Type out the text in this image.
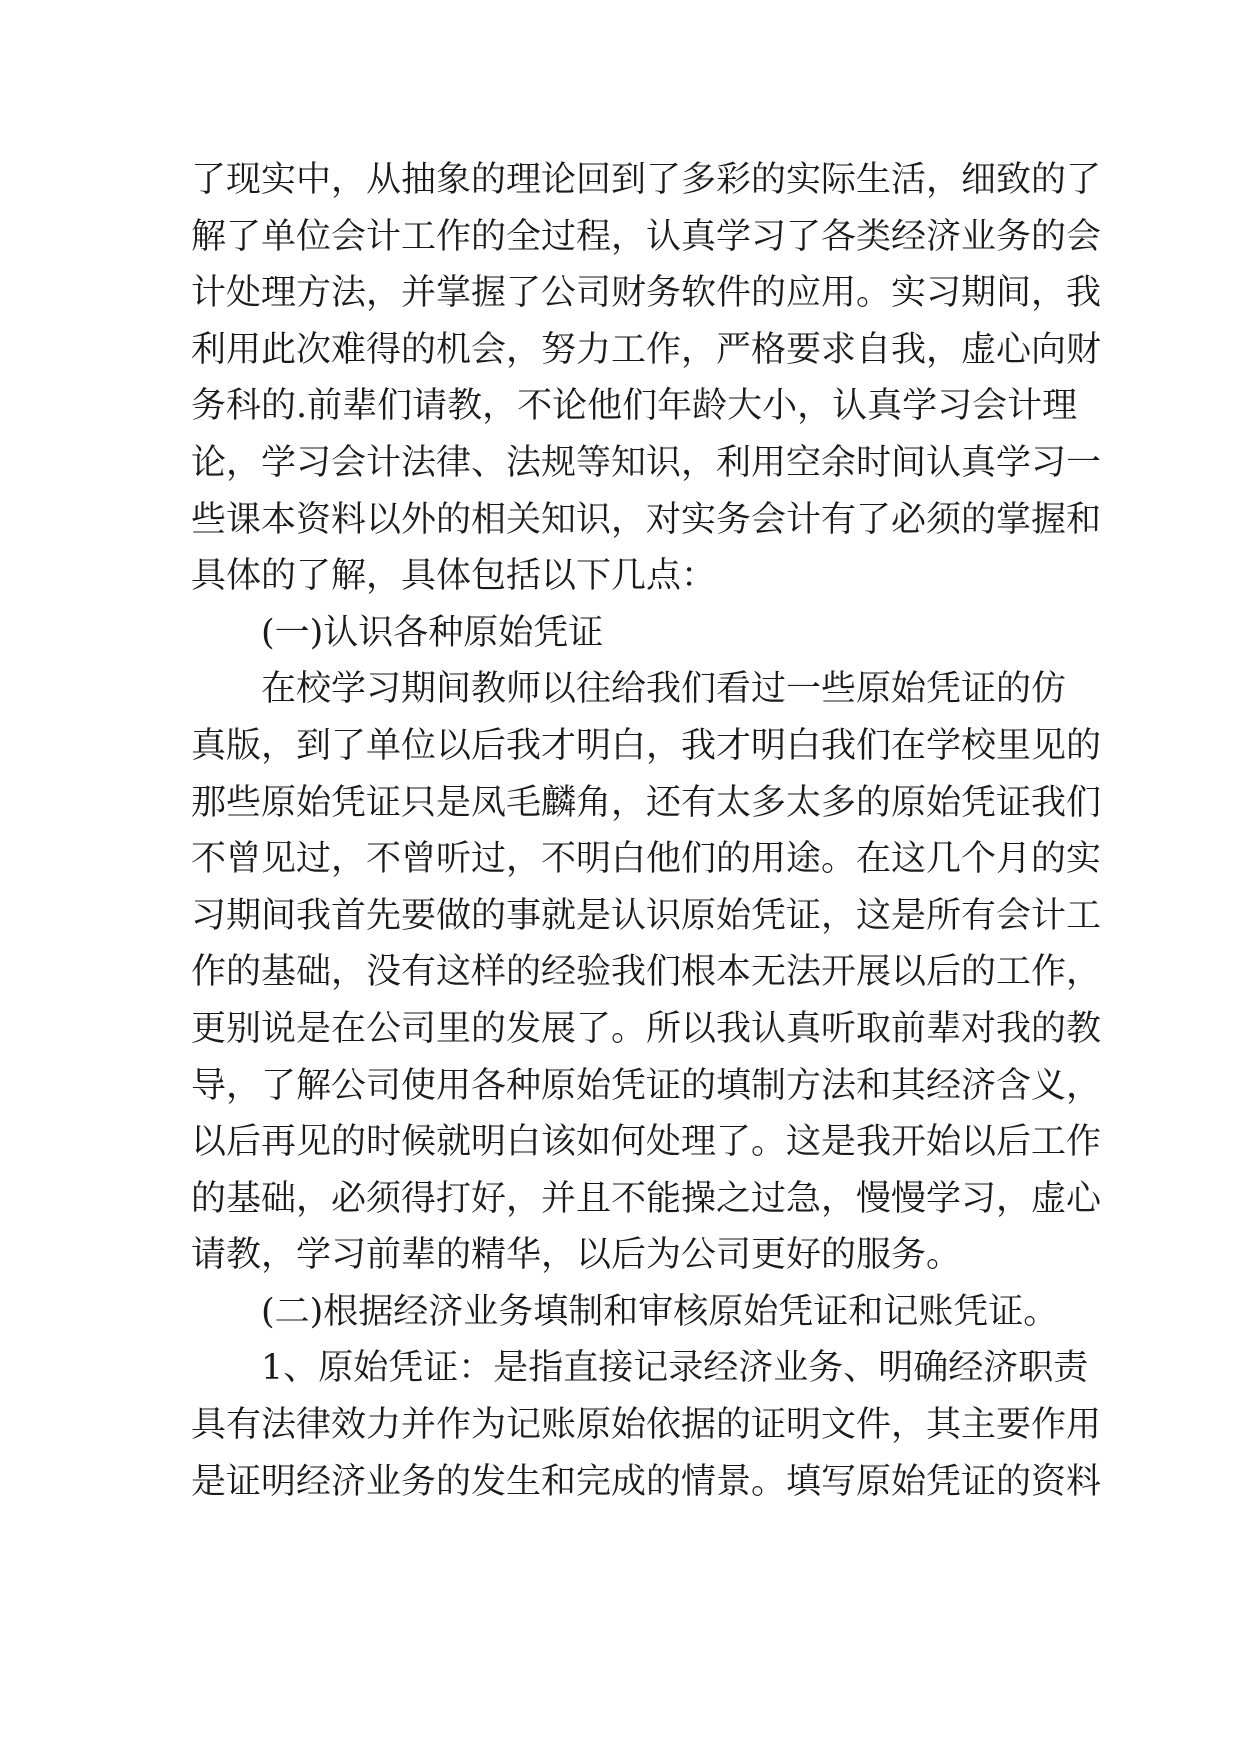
了现实中，从抽象的理论回到了多彩的实际生活，细致的了
解了单位会计工作的全过程，认真学习了各类经济业务的会
计处理方法，并掌握了公司财务软件的应用。实习期间，我
利用此次难得的机会，努力工作，严格要求自我，虚心向财
务科的.前辈们请教，不论他们年龄大小，认真学习会计理
论，学习会计法律、法规等知识，利用空余时间认真学习一
些课本资料以外的相关知识，对实务会计有了必须的掌握和
具体的了解，具体包括以下几点：
(一)认识各种原始凭证
在校学习期间教师以往给我们看过一些原始凭证的仿
真版，到了单位以后我才明白，我才明白我们在学校里见的
那些原始凭证只是凤毛麟角，还有太多太多的原始凭证我们
不曾见过，不曾听过，不明白他们的用途。在这几个月的实
习期间我首先要做的事就是认识原始凭证，这是所有会计工
作的基础，没有这样的经验我们根本无法开展以后的工作，
更别说是在公司里的发展了。所以我认真听取前辈对我的教
导，了解公司使用各种原始凭证的填制方法和其经济含义，
以后再见的时候就明白该如何处理了。这是我开始以后工作
的基础，必须得打好，并且不能操之过急，慢慢学习，虚心
请教，学习前辈的精华，以后为公司更好的服务。
(二)根据经济业务填制和审核原始凭证和记账凭证。
1、原始凭证：是指直接记录经济业务、明确经济职责
具有法律效力并作为记账原始依据的证明文件，其主要作用
是证明经济业务的发生和完成的情景。填写原始凭证的资料
